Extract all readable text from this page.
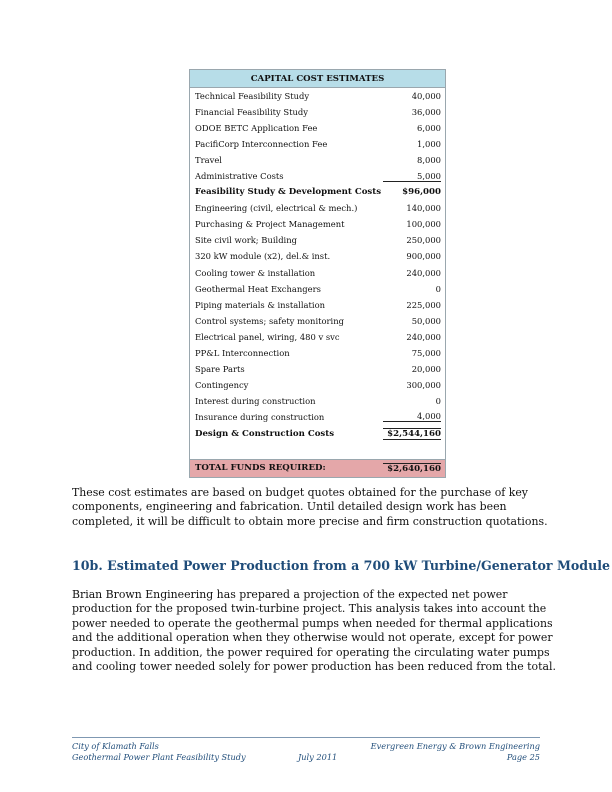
CAPITAL COST ESTIMATES
Technical Feasibility Study	40,000
Financial Feasibility Study	36,000
ODOE BETC Application Fee	6,000
PacifiCorp Interconnection Fee	1,000
Travel	8,000
Administrative Costs	5,000
Feasibility Study & Development Costs	$96,000
Engineering (civil, electrical & mech.)	140,000
Purchasing & Project Management	100,000
Site civil work; Building	250,000
320 kW module (x2), del.& inst.	900,000
Cooling tower & installation	240,000
Geothermal Heat Exchangers	0
Piping materials & installation	225,000
Control systems; safety monitoring	50,000
Electrical panel, wiring, 480 v svc	240,000
PP&L Interconnection	75,000
Spare Parts	20,000
Contingency	300,000
Interest during construction	0
Insurance during construction	4,000
Design & Construction Costs	$2,544,160
TOTAL FUNDS REQUIRED:	$2,640,160

These cost estimates are based on budget quotes obtained for the purchase of key components, engineering and fabrication. Until detailed design work has been completed, it will be difficult to obtain more precise and firm construction quotations.

10b. Estimated Power Production from a 700 kW Turbine/Generator Module

Brian Brown Engineering has prepared a projection of the expected net power production for the proposed twin-turbine project. This analysis takes into account the power needed to operate the geothermal pumps when needed for thermal applications and the additional operation when they otherwise would not operate, except for power production. In addition, the power required for operating the circulating water pumps and cooling tower needed solely for power production has been reduced from the total.

City of Klamath Falls
Geothermal Power Plant Feasibility Study	July 2011
Evergreen Energy & Brown Engineering
Page 25
